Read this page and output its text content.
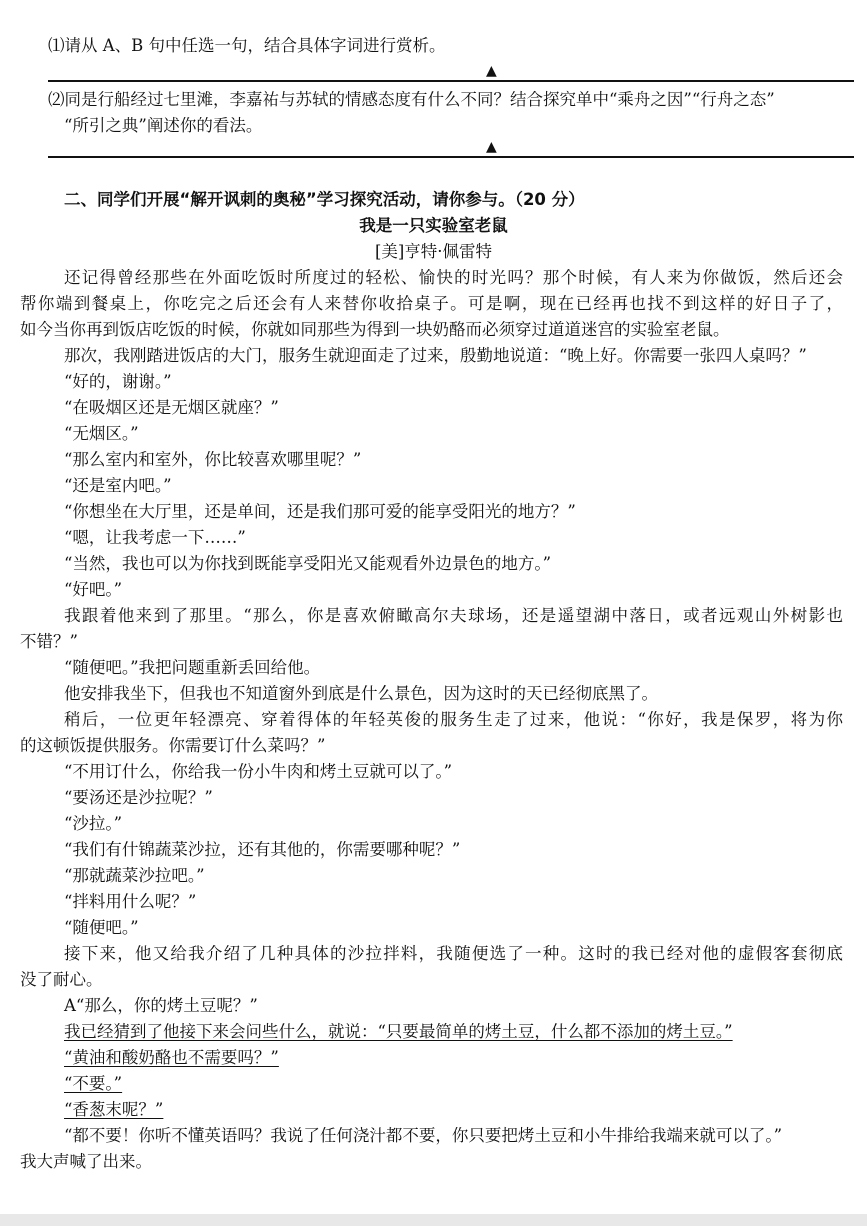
⑴请从 A、B 句中任选一句，结合具体字词进行赏析。
▲
⑵同是行船经过七里滩，李嘉祐与苏轼的情感态度有什么不同？结合探究单中“乘舟之因”“行舟之态”
“所引之典”阐述你的看法。
▲
二、同学们开展“解开讽刺的奥秘”学习探究活动，请你参与。（20 分）
我是一只实验室老鼠
[美]亨特·佩雷特
还记得曾经那些在外面吃饭时所度过的轻松、愉快的时光吗？那个时候，有人来为你做饭，然后还会
帮你端到餐桌上，你吃完之后还会有人来替你收拾桌子。可是啊，现在已经再也找不到这样的好日子了，
如今当你再到饭店吃饭的时候，你就如同那些为得到一块奶酪而必须穿过道道迷宫的实验室老鼠。
那次，我刚踏进饭店的大门，服务生就迎面走了过来，殷勤地说道：“晚上好。你需要一张四人桌吗？”
“好的，谢谢。”
“在吸烟区还是无烟区就座？”
“无烟区。”
“那么室内和室外，你比较喜欢哪里呢？”
“还是室内吧。”
“你想坐在大厅里，还是单间，还是我们那可爱的能享受阳光的地方？”
“嗯，让我考虑一下……”
“当然，我也可以为你找到既能享受阳光又能观看外边景色的地方。”
“好吧。”
我跟着他来到了那里。“那么，你是喜欢俯瞰高尔夫球场，还是遥望湖中落日，或者远观山外树影也
不错？”
“随便吧。”我把问题重新丢回给他。
他安排我坐下，但我也不知道窗外到底是什么景色，因为这时的天已经彻底黑了。
稍后，一位更年轻漂亮、穿着得体的年轻英俊的服务生走了过来，他说：“你好，我是保罗，将为你
的这顿饭提供服务。你需要订什么菜吗？”
“不用订什么，你给我一份小牛肉和烤土豆就可以了。”
“要汤还是沙拉呢？”
“沙拉。”
“我们有什锦蔬菜沙拉，还有其他的，你需要哪种呢？”
“那就蔬菜沙拉吧。”
“拌料用什么呢？”
“随便吧。”
接下来，他又给我介绍了几种具体的沙拉拌料，我随便选了一种。这时的我已经对他的虚假客套彻底
没了耐心。
A“那么，你的烤土豆呢？”
我已经猜到了他接下来会问些什么，就说：“只要最简单的烤土豆，什么都不添加的烤土豆。”
“黄油和酸奶酪也不需要吗？”
“不要。”
“香葱末呢？”
“都不要！你听不懂英语吗？我说了任何浇汁都不要，你只要把烤土豆和小牛排给我端来就可以了。”
我大声喊了出来。
